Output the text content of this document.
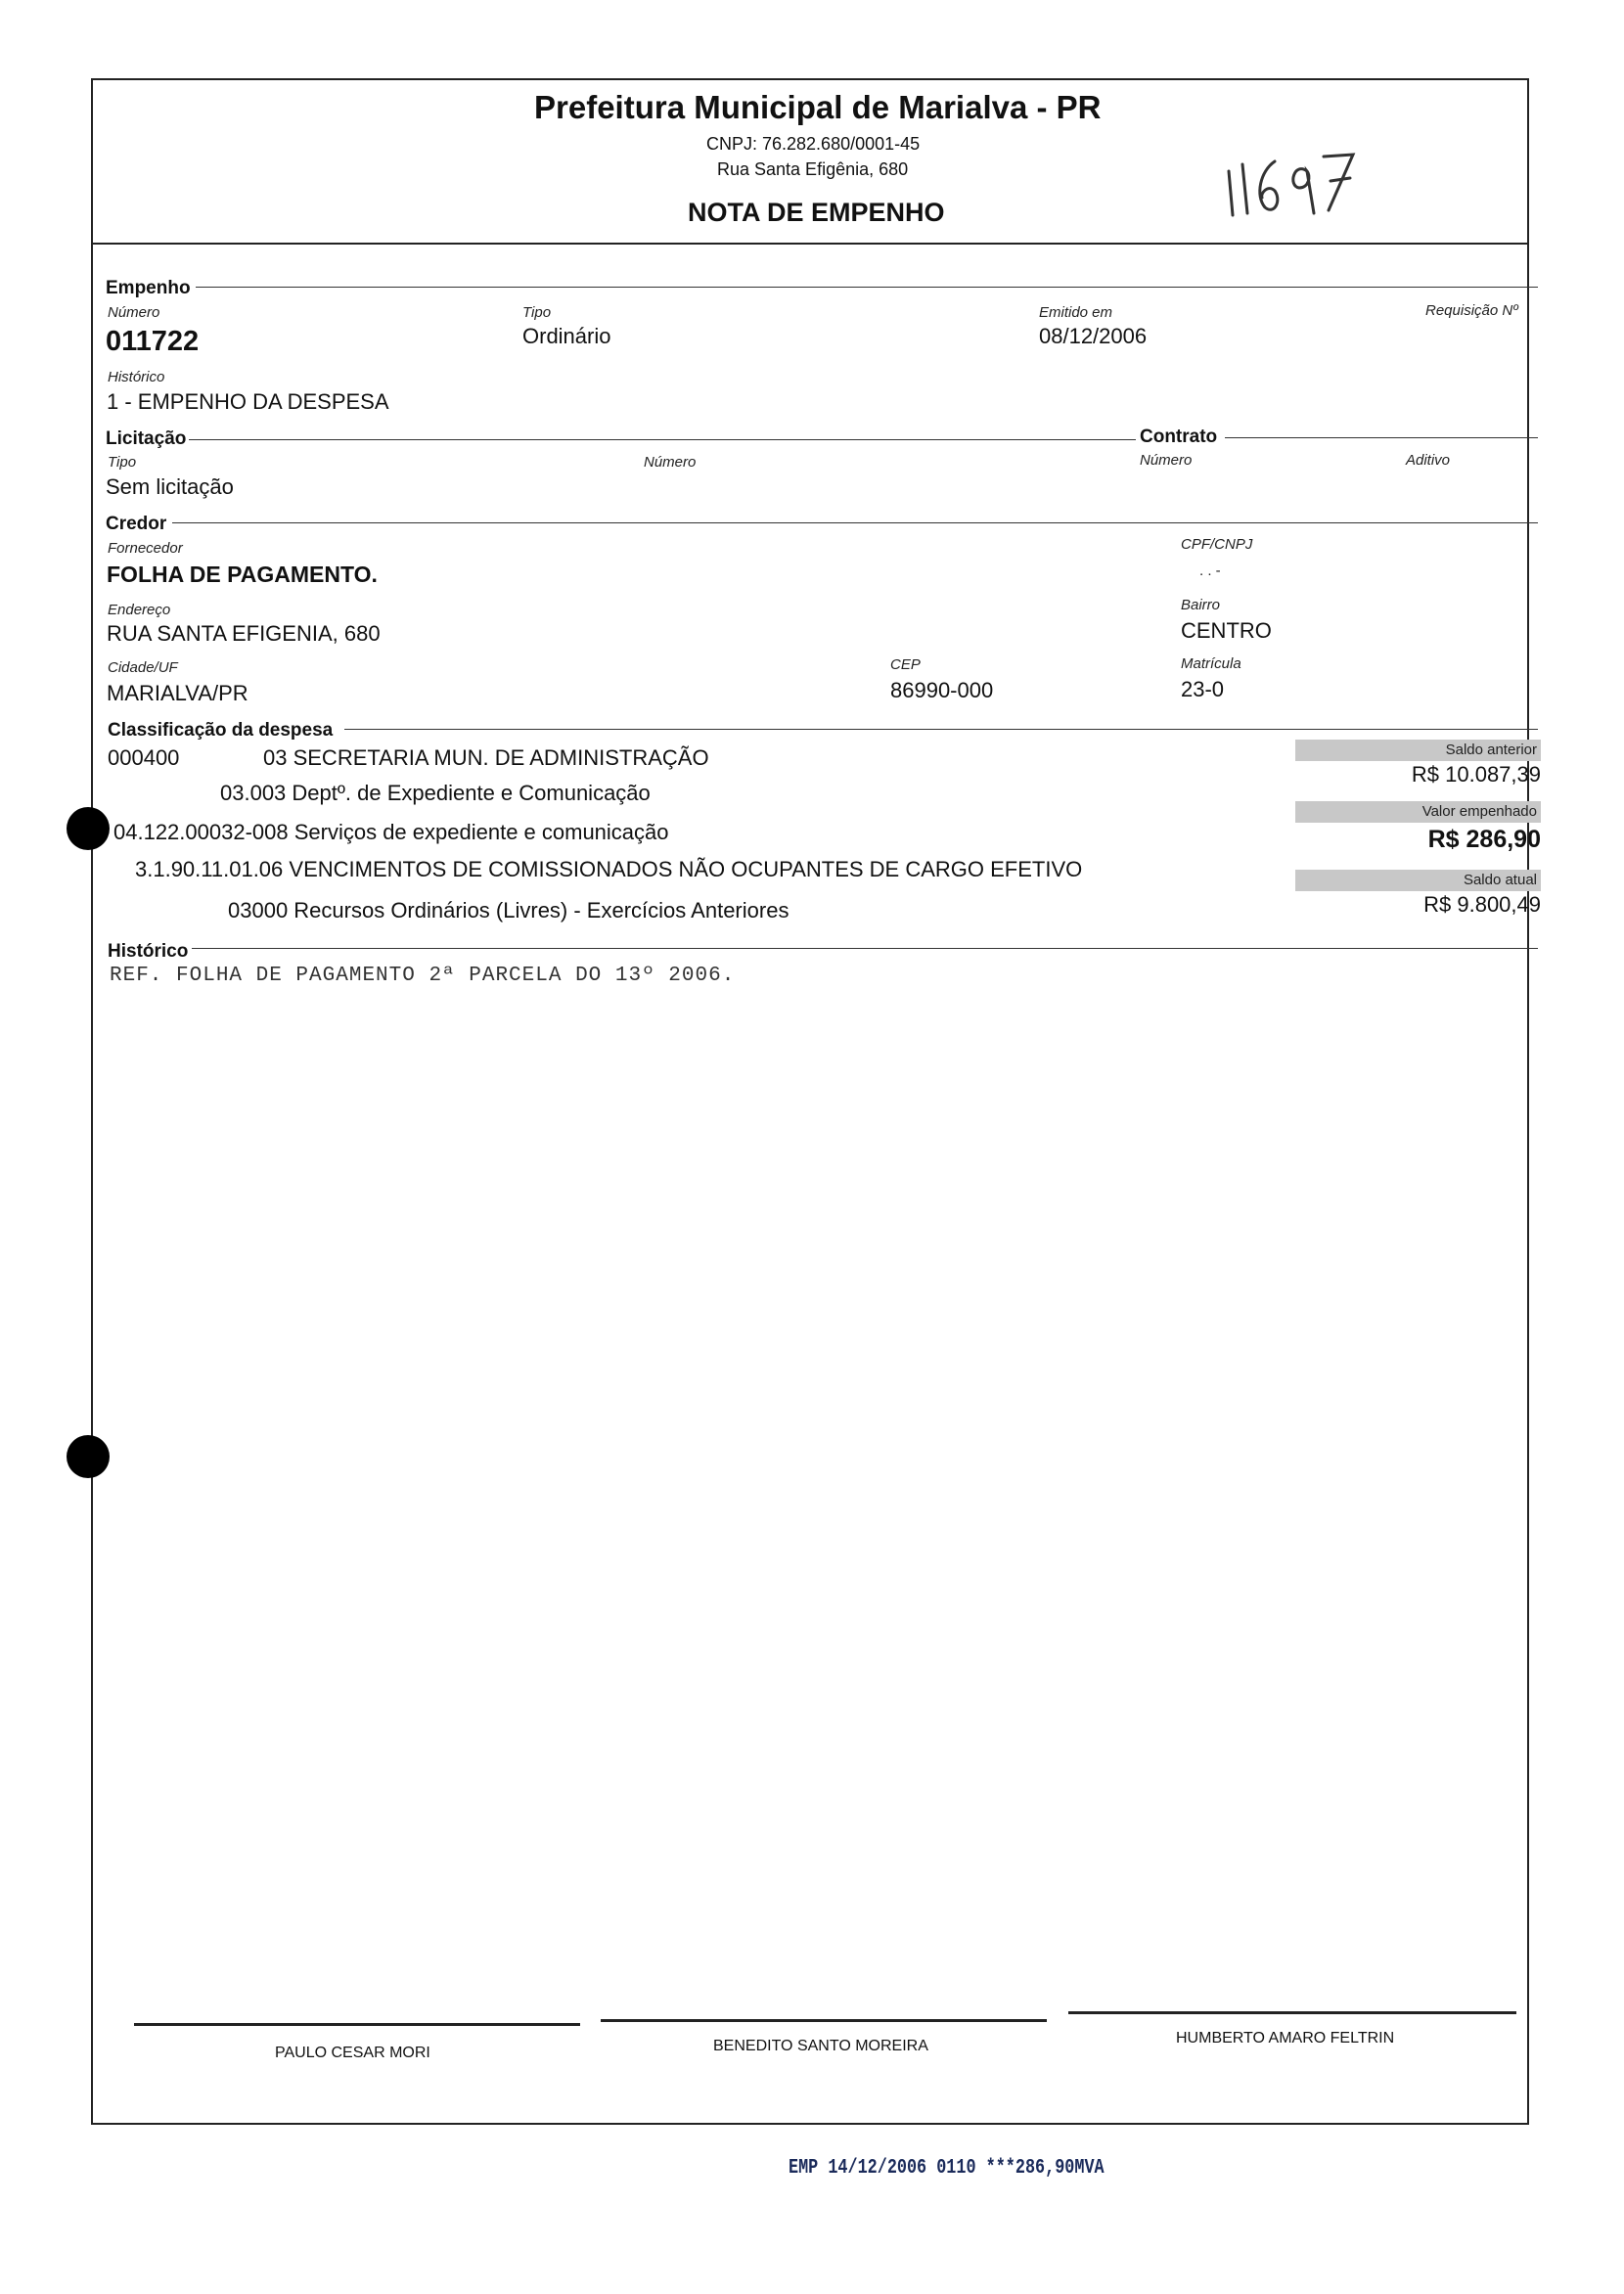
Prefeitura Municipal de Marialva - PR
CNPJ: 76.282.680/0001-45
Rua Santa Efigênia, 680
NOTA DE EMPENHO
Empenho
Número
011722
Tipo
Ordinário
Emitido em
08/12/2006
Requisição Nº
Histórico
1 - EMPENHO DA DESPESA
Licitação	Contrato
Tipo
Sem licitação
Número	Número	Aditivo
Credor
Fornecedor
FOLHA DE PAGAMENTO.
CPF/CNPJ
. . -
Endereço
RUA SANTA EFIGENIA, 680
Bairro
CENTRO
Cidade/UF
MARIALVA/PR
CEP
86990-000
Matrícula
23-0
Classificação da despesa
000400	03 SECRETARIA MUN. DE ADMINISTRAÇÃO
03.003 Deptº. de Expediente e Comunicação
04.122.00032-008 Serviços de expediente e comunicação
3.1.90.11.01.06 VENCIMENTOS DE COMISSIONADOS NÃO OCUPANTES DE CARGO EFETIVO
03000 Recursos Ordinários (Livres) - Exercícios Anteriores
Saldo anterior
R$ 10.087,39
Valor empenhado
R$ 286,90
Saldo atual
R$ 9.800,49
Histórico
REF. FOLHA DE PAGAMENTO 2ª PARCELA DO 13º 2006.
PAULO CESAR MORI	BENEDITO SANTO MOREIRA	HUMBERTO AMARO FELTRIN
EMP 14/12/2006 0110 ***286,90MVA
